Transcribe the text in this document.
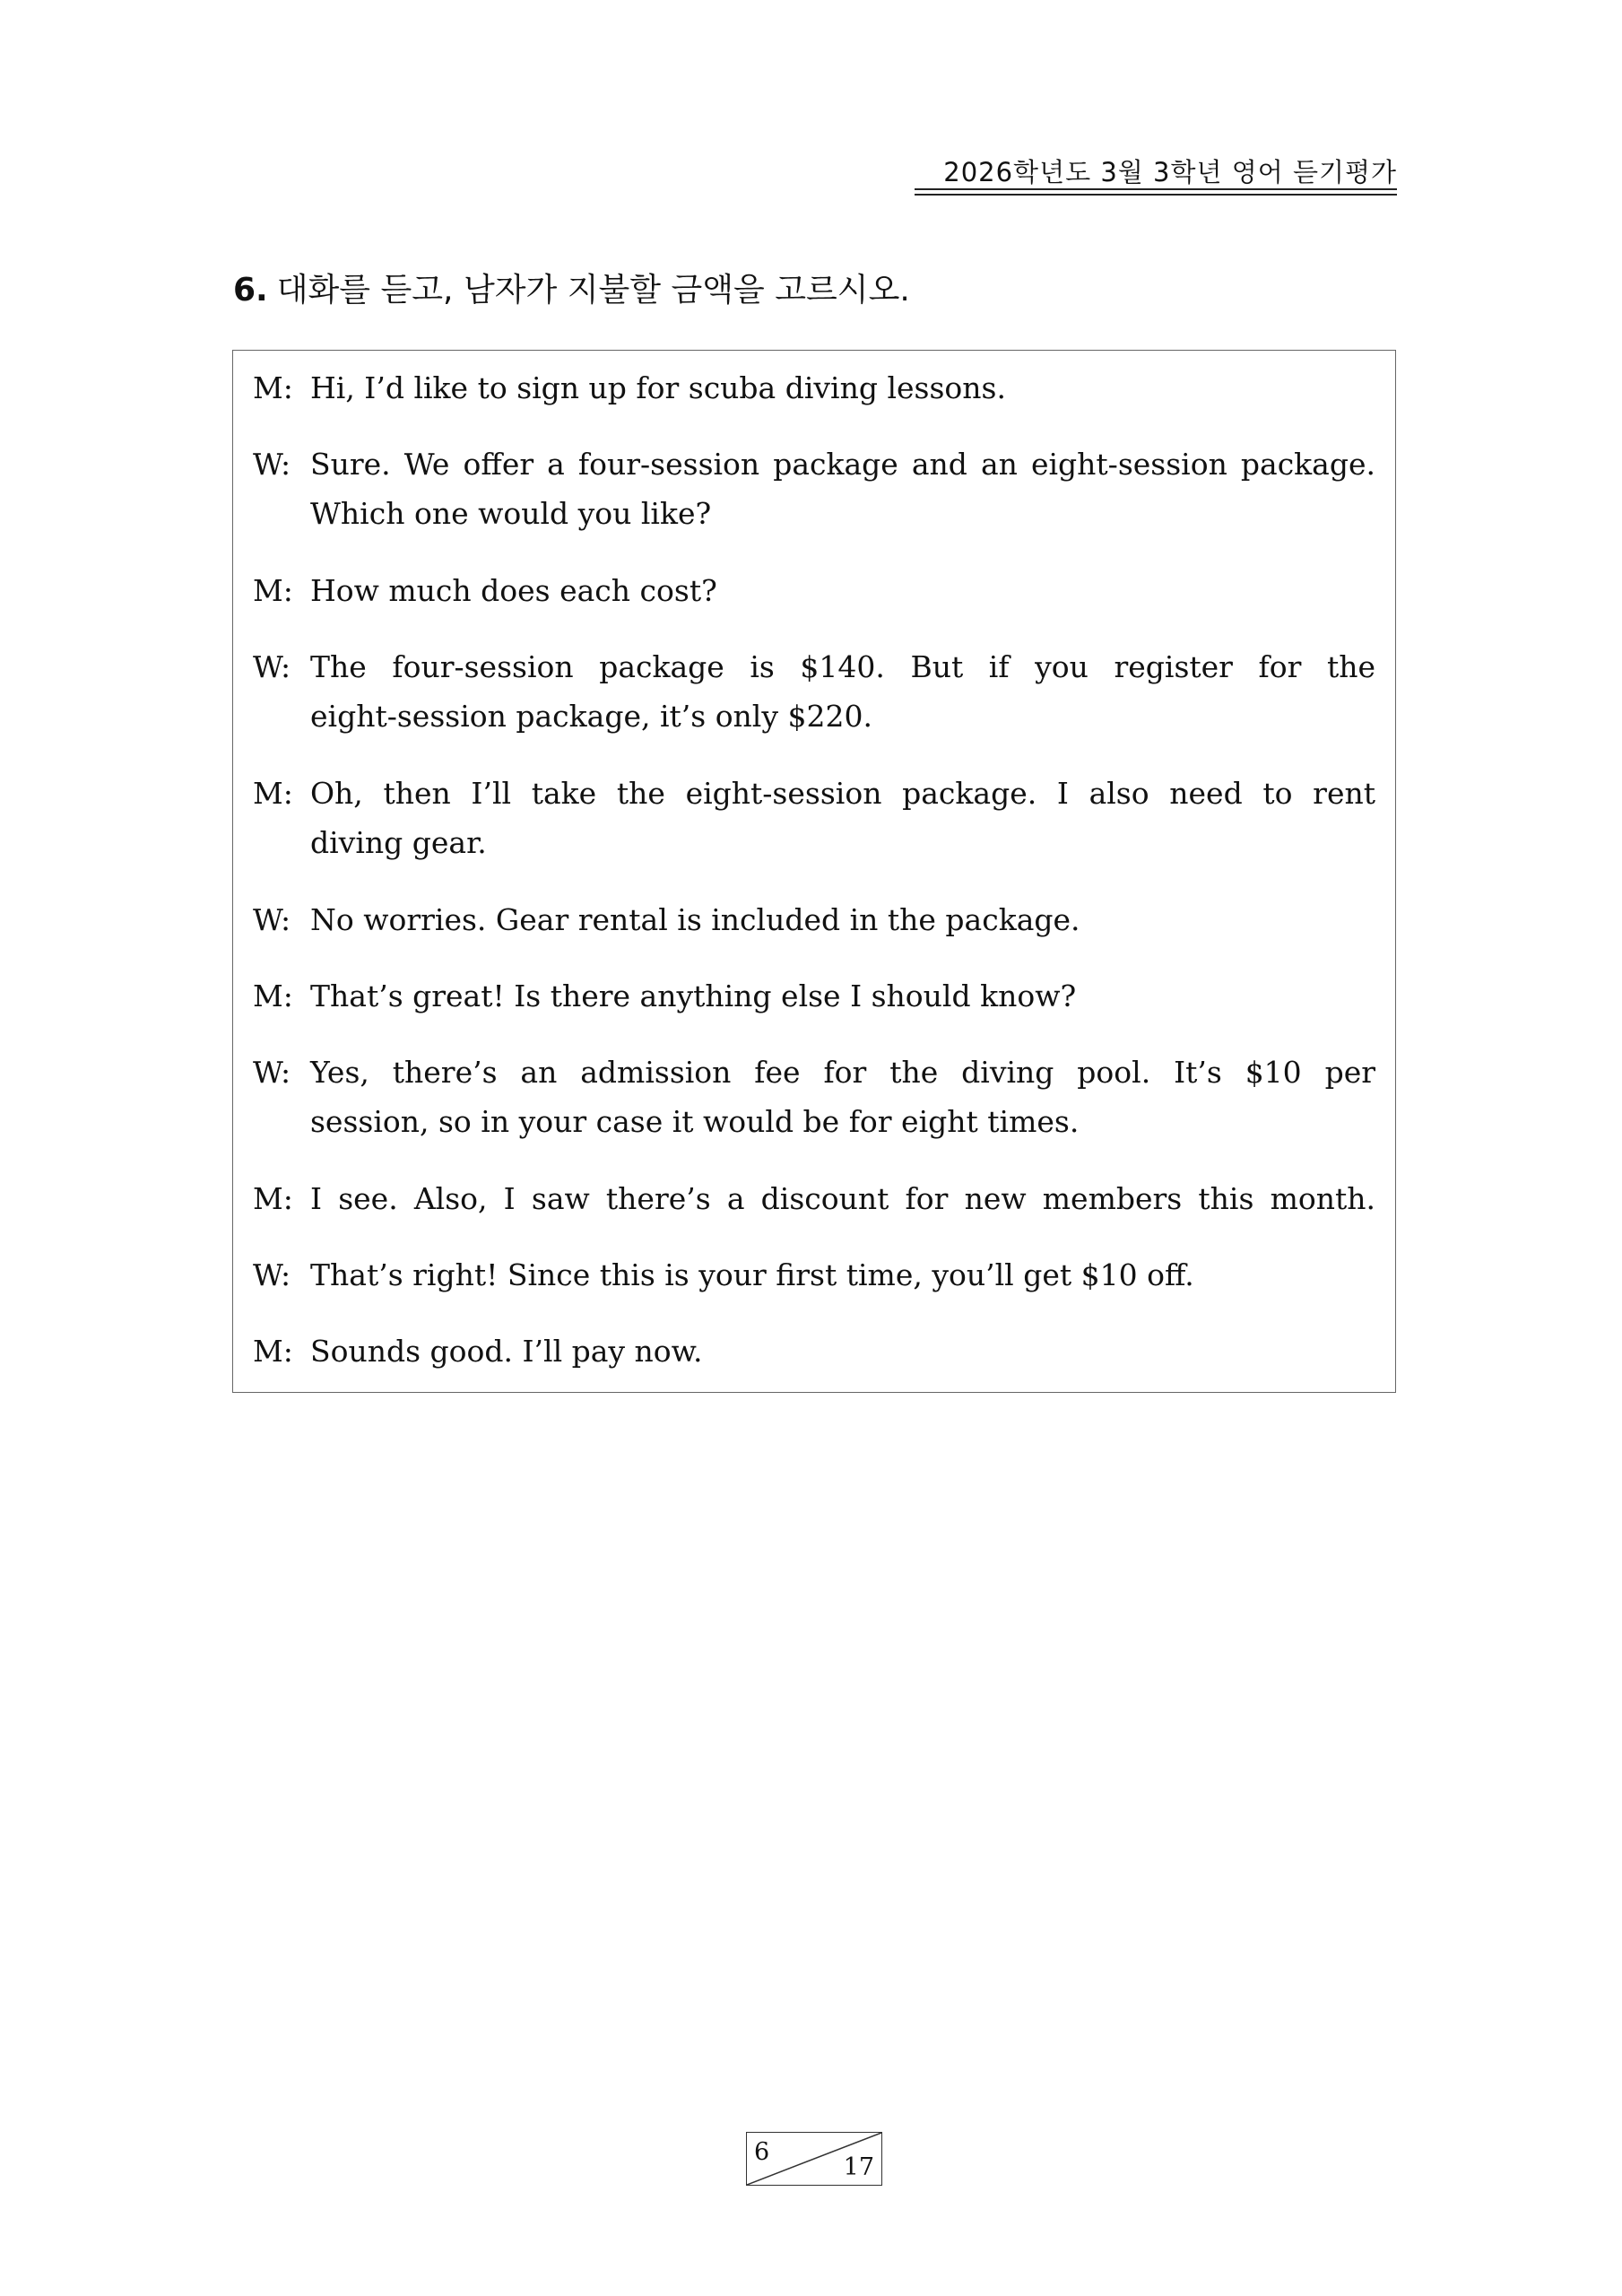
2026학년도 3월 3학년 영어 듣기평가
6. 대화를 듣고, 남자가 지불할 금액을 고르시오.
M: Hi, I’d like to sign up for scuba diving lessons.
W: Sure. We offer a four-session package and an eight-session package.
Which one would you like?
M: How much does each cost?
W: The four-session package is $140. But if you register for the
eight-session package, it’s only $220.
M: Oh, then I’ll take the eight-session package. I also need to rent
diving gear.
W: No worries. Gear rental is included in the package.
M: That’s great! Is there anything else I should know?
W: Yes, there’s an admission fee for the diving pool. It’s $10 per
session, so in your case it would be for eight times.
M: I see. Also, I saw there’s a discount for new members this month.
W: That’s right! Since this is your first time, you’ll get $10 off.
M: Sounds good. I’ll pay now.
6
17
